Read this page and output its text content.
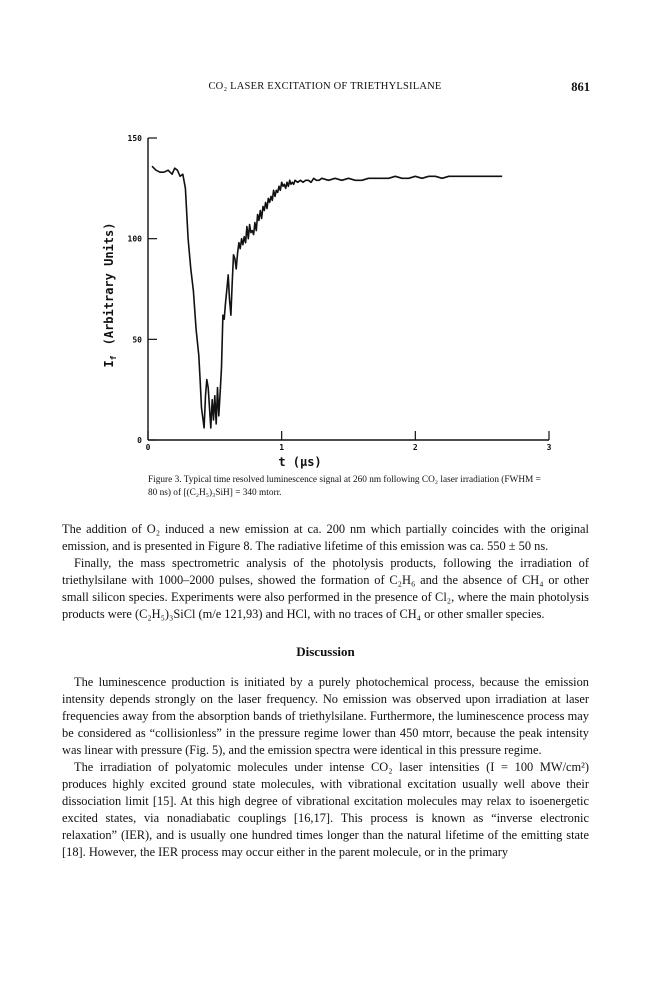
CO₂ LASER EXCITATION OF TRIETHYLSILANE	861
0
50
100
150
0	1	2	3
t (μs)
$I_f(Arbitrary$ Units)
Figure 3. Typical time resolved luminescence signal at 260 nm following CO₂ laser irradiation (FWHM = 80 ns) of [(C₂H₅)₃SiH] = 340 mtorr.

The addition of O₂ induced a new emission at ca. 200 nm which partially coincides with the original emission, and is presented in Figure 8. The radiative lifetime of this emission was ca. 550 ± 50 ns.

Finally, the mass spectrometric analysis of the photolysis products, following the irradiation of triethylsilane with 1000–2000 pulses, showed the formation of C₂H₆ and the absence of CH₄ or other small silicon species. Experiments were also performed in the presence of Cl₂, where the main photolysis products were (C₂H₅)₃SiCl (m/e 121,93) and HCl, with no traces of CH₄ or other smaller species.

Discussion

The luminescence production is initiated by a purely photochemical process, because the emission intensity depends strongly on the laser frequency. No emission was observed upon irradiation at laser frequencies away from the absorption bands of triethylsilane. Furthermore, the luminescence process may be considered as “collisionless” in the pressure regime lower than 450 mtorr, because the peak intensity was linear with pressure (Fig. 5), and the emission spectra were identical in this pressure regime.

The irradiation of polyatomic molecules under intense CO₂ laser intensities (I = 100 MW/cm²) produces highly excited ground state molecules, with vibrational excitation usually well above their dissociation limit [15]. At this high degree of vibrational excitation molecules may relax to isoenergetic excited states, via nonadiabatic couplings [16,17]. This process is known as “inverse electronic relaxation” (IER), and is usually one hundred times longer than the natural lifetime of the emitting state [18]. However, the IER process may occur either in the parent molecule, or in the primary
